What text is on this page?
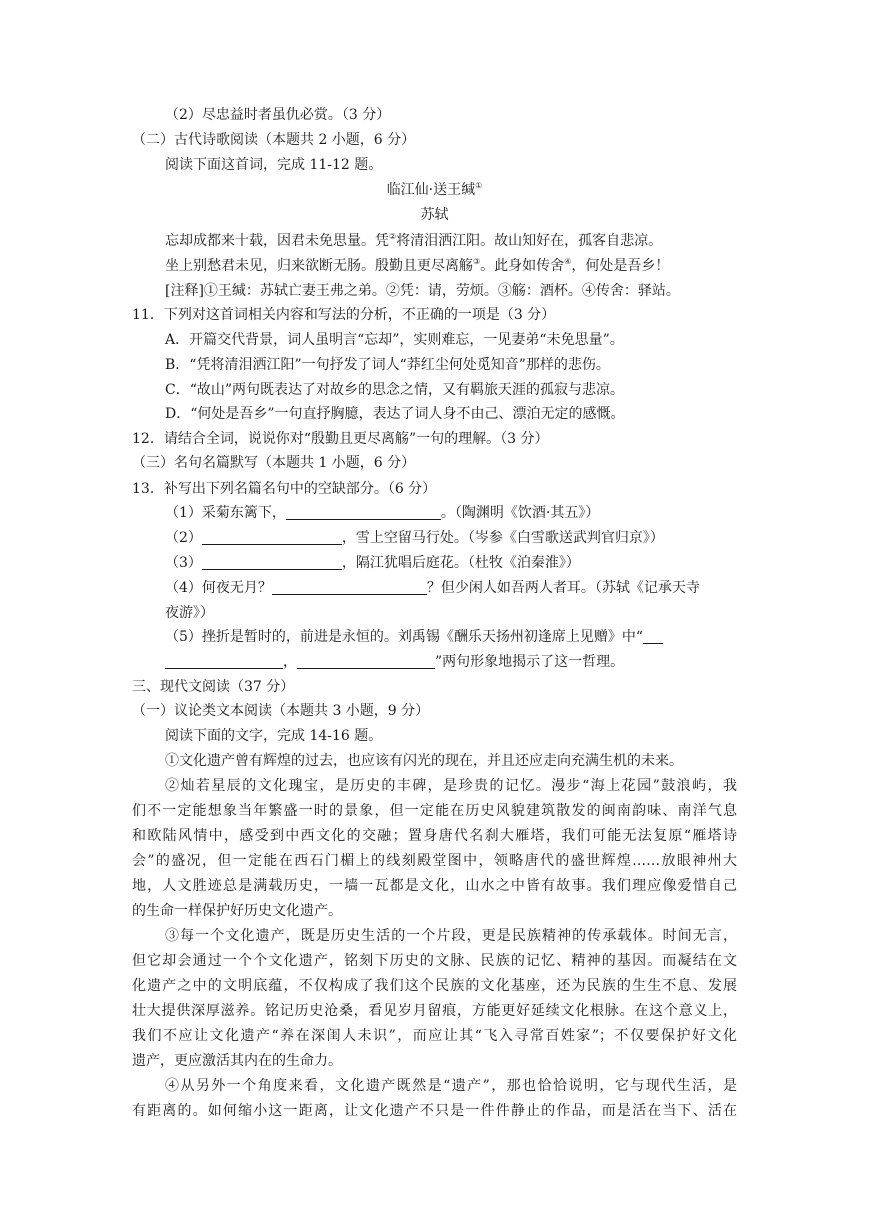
（2）尽忠益时者虽仇必赏。（3 分）
（二）古代诗歌阅读（本题共 2 小题，6 分）
阅读下面这首词，完成 11-12 题。
临江仙·送王缄①
苏轼
忘却成都来十载，因君未免思量。凭②将清泪洒江阳。故山知好在，孤客自悲凉。
坐上别愁君未见，归来欲断无肠。殷勤且更尽离觞③。此身如传舍④，何处是吾乡！
[注释]①王缄：苏轼亡妻王弗之弟。②凭：请，劳烦。③觞：酒杯。④传舍：驿站。
11．下列对这首词相关内容和写法的分析，不正确的一项是（3 分）
A．开篇交代背景，词人虽明言“忘却”，实则难忘，一见妻弟“未免思量”。
B．“凭将清泪洒江阳”一句抒发了词人“莽红尘何处觅知音”那样的悲伤。
C．“故山”两句既表达了对故乡的思念之情，又有羁旅天涯的孤寂与悲凉。
D．“何处是吾乡”一句直抒胸臆，表达了词人身不由己、漂泊无定的感慨。
12．请结合全词，说说你对“殷勤且更尽离觞”一句的理解。（3 分）
（三）名句名篇默写（本题共 1 小题，6 分）
13．补写出下列名篇名句中的空缺部分。（6 分）
（1）采菊东篱下，	。（陶渊明《饮酒·其五》）
（2）	，雪上空留马行处。（岑参《白雪歌送武判官归京》）
（3）	，隔江犹唱后庭花。（杜牧《泊秦淮》）
（4）何夜无月？	？但少闲人如吾两人者耳。（苏轼《记承天寺
夜游》）
（5）挫折是暂时的，前进是永恒的。刘禹锡《酬乐天扬州初逢席上见赠》中“
，	”两句形象地揭示了这一哲理。
三、现代文阅读（37 分）
（一）议论类文本阅读（本题共 3 小题，9 分）
阅读下面的文字，完成 14-16 题。
①文化遗产曾有辉煌的过去，也应该有闪光的现在，并且还应走向充满生机的未来。
②灿若星辰的文化瑰宝，是历史的丰碑，是珍贵的记忆。漫步“海上花园”鼓浪屿，我
们不一定能想象当年繁盛一时的景象，但一定能在历史风貌建筑散发的闽南韵味、南洋气息
和欧陆风情中，感受到中西文化的交融；置身唐代名刹大雁塔，我们可能无法复原“雁塔诗
会”的盛况，但一定能在西石门楣上的线刻殿堂图中，领略唐代的盛世辉煌……放眼神州大
地，人文胜迹总是满载历史，一墙一瓦都是文化，山水之中皆有故事。我们理应像爱惜自己
的生命一样保护好历史文化遗产。
③每一个文化遗产，既是历史生活的一个片段，更是民族精神的传承载体。时间无言，
但它却会通过一个个文化遗产，铭刻下历史的文脉、民族的记忆、精神的基因。而凝结在文
化遗产之中的文明底蕴，不仅构成了我们这个民族的文化基座，还为民族的生生不息、发展
壮大提供深厚滋养。铭记历史沧桑，看见岁月留痕，方能更好延续文化根脉。在这个意义上，
我们不应让文化遗产“养在深闺人未识”，而应让其“飞入寻常百姓家”；不仅要保护好文化
遗产，更应激活其内在的生命力。
④从另外一个角度来看，文化遗产既然是“遗产”，那也恰恰说明，它与现代生活，是
有距离的。如何缩小这一距离，让文化遗产不只是一件件静止的作品，而是活在当下、活在
